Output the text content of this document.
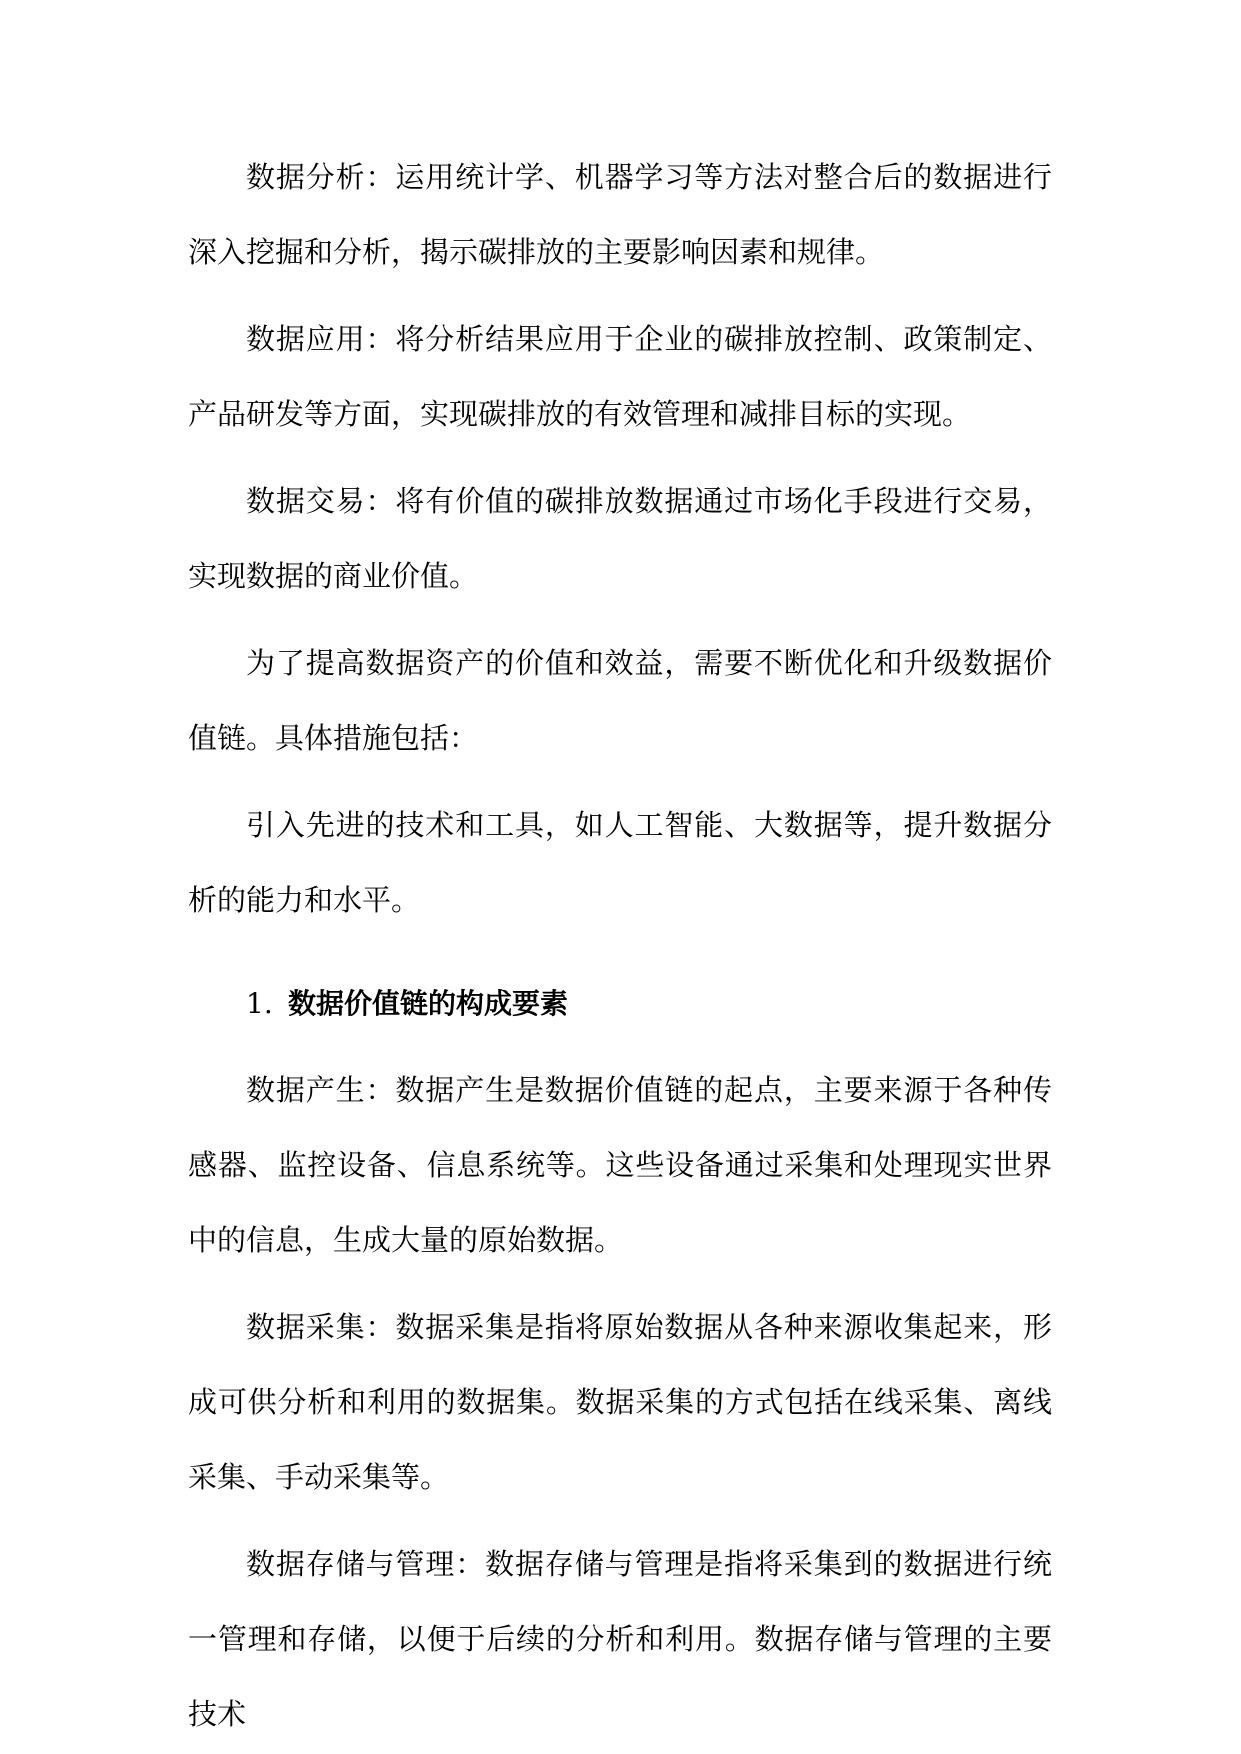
数据分析：运用统计学、机器学习等方法对整合后的数据进行深入挖掘和分析，揭示碳排放的主要影响因素和规律。

数据应用：将分析结果应用于企业的碳排放控制、政策制定、产品研发等方面，实现碳排放的有效管理和减排目标的实现。

数据交易：将有价值的碳排放数据通过市场化手段进行交易，实现数据的商业价值。

为了提高数据资产的价值和效益，需要不断优化和升级数据价值链。具体措施包括：

引入先进的技术和工具，如人工智能、大数据等，提升数据分析的能力和水平。

1. 数据价值链的构成要素

数据产生：数据产生是数据价值链的起点，主要来源于各种传感器、监控设备、信息系统等。这些设备通过采集和处理现实世界中的信息，生成大量的原始数据。

数据采集：数据采集是指将原始数据从各种来源收集起来，形成可供分析和利用的数据集。数据采集的方式包括在线采集、离线采集、手动采集等。

数据存储与管理：数据存储与管理是指将采集到的数据进行统一管理和存储，以便于后续的分析和利用。数据存储与管理的主要技术
